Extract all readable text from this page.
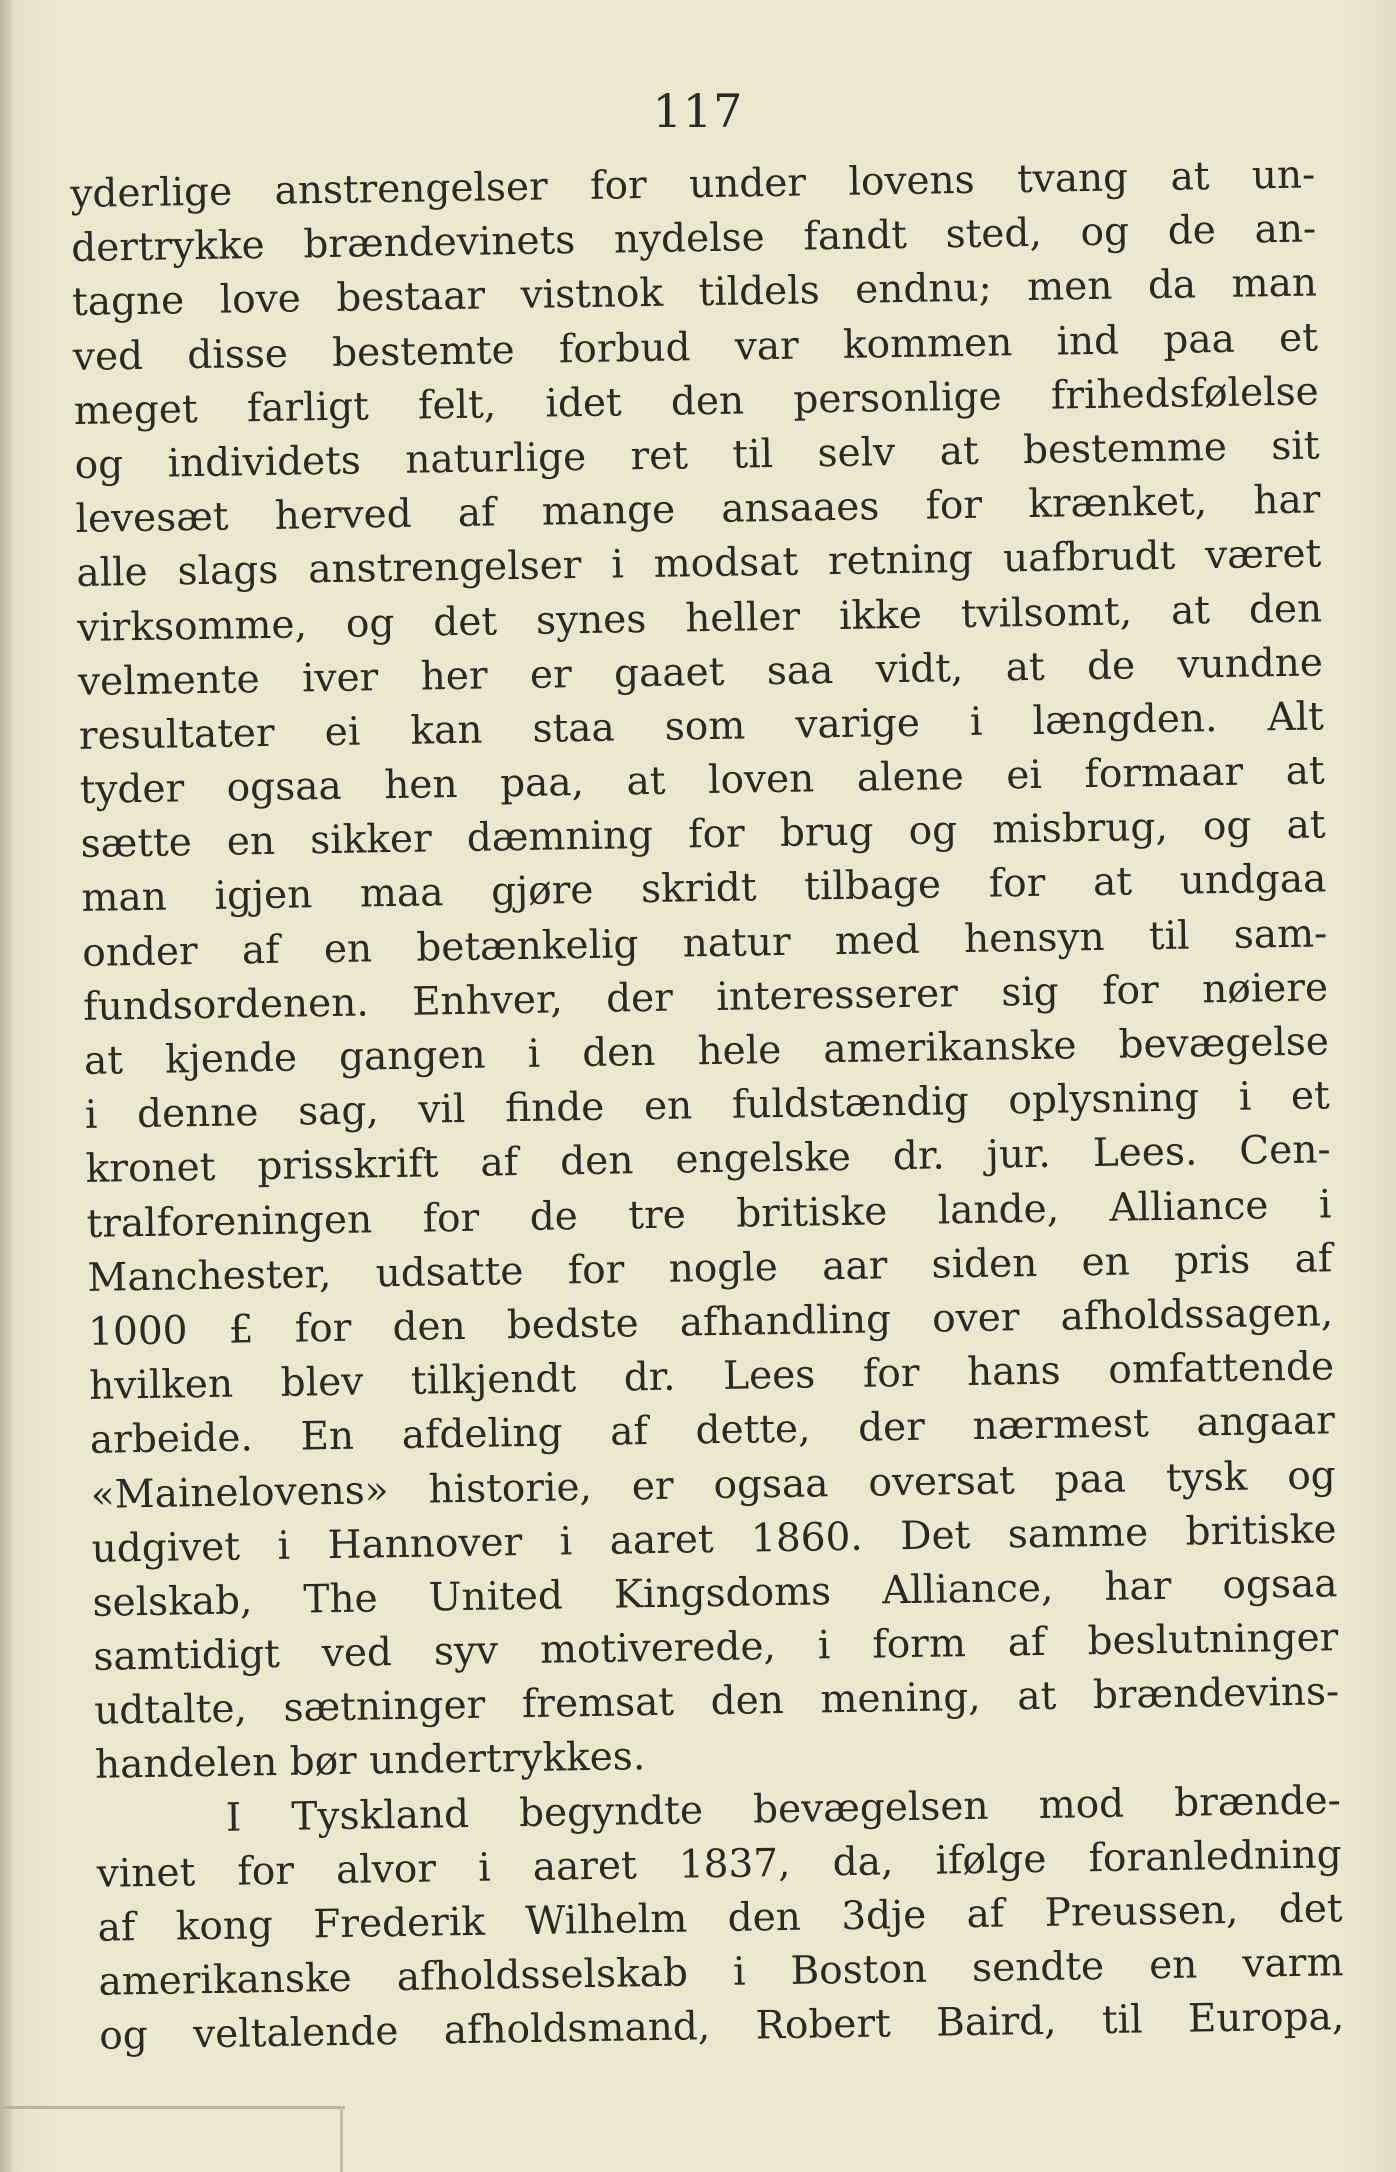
117
yderlige anstrengelser for under lovens tvang at un-
dertrykke brændevinets nydelse fandt sted, og de an-
tagne love bestaar vistnok tildels endnu; men da man
ved disse bestemte forbud var kommen ind paa et
meget farligt felt, idet den personlige frihedsfølelse
og individets naturlige ret til selv at bestemme sit
levesæt herved af mange ansaaes for krænket, har
alle slags anstrengelser i modsat retning uafbrudt været
virksomme, og det synes heller ikke tvilsomt, at den
velmente iver her er gaaet saa vidt, at de vundne
resultater ei kan staa som varige i længden. Alt
tyder ogsaa hen paa, at loven alene ei formaar at
sætte en sikker dæmning for brug og misbrug, og at
man igjen maa gjøre skridt tilbage for at undgaa
onder af en betænkelig natur med hensyn til sam-
fundsordenen. Enhver, der interesserer sig for nøiere
at kjende gangen i den hele amerikanske bevægelse
i denne sag, vil finde en fuldstændig oplysning i et
kronet prisskrift af den engelske dr. jur. Lees. Cen-
tralforeningen for de tre britiske lande, Alliance i
Manchester, udsatte for nogle aar siden en pris af
1000 £ for den bedste afhandling over afholdssagen,
hvilken blev tilkjendt dr. Lees for hans omfattende
arbeide. En afdeling af dette, der nærmest angaar
«Mainelovens» historie, er ogsaa oversat paa tysk og
udgivet i Hannover i aaret 1860. Det samme britiske
selskab, The United Kingsdoms Alliance, har ogsaa
samtidigt ved syv motiverede, i form af beslutninger
udtalte, sætninger fremsat den mening, at brændevins-
handelen bør undertrykkes.
I Tyskland begyndte bevægelsen mod brænde-
vinet for alvor i aaret 1837, da, ifølge foranledning
af kong Frederik Wilhelm den 3dje af Preussen, det
amerikanske afholdsselskab i Boston sendte en varm
og veltalende afholdsmand, Robert Baird, til Europa,
